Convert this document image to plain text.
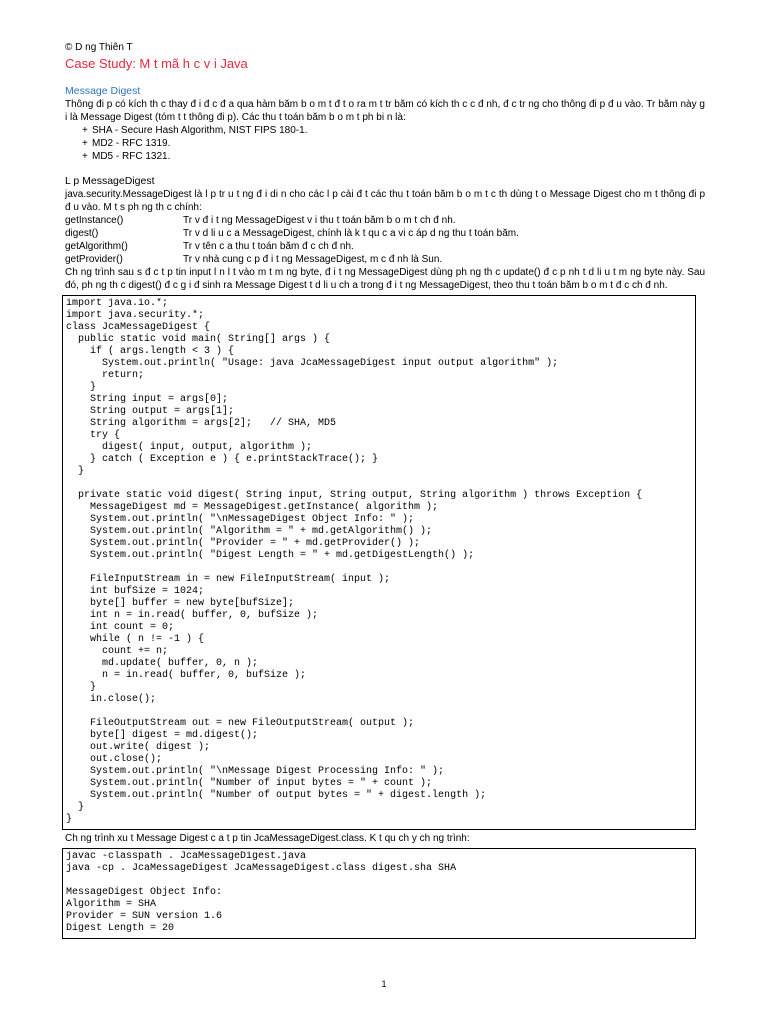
© D ng Thiên T

Case Study: M t mã h c v i Java
Message Digest

Thông đi p có kích th c thay đ i đ c đ a qua hàm băm b o m t đ t o ra m t tr băm có kích th c c đ nh, đ c tr ng cho thông đi p đ u vào. Tr băm này g i là Message Digest (tóm t t thông đi p). Các thu t toán băm b o m t ph bi n là:

+ SHA - Secure Hash Algorithm, NIST FIPS 180-1.
+ MD2 - RFC 1319.
+ MD5 - RFC 1321.
L p MessageDigest

java.security.MessageDigest là l p tr u t ng đ i di n cho các l p cài đ t các thu t toán băm b o m t c th dùng t o Message Digest cho m t thông đi p đ u vào. M t s ph ng th c chính:

getInstance()	Tr v đ i t ng MessageDigest v i thu t toán băm b o m t ch đ nh.
digest()	Tr v d li u c a MessageDigest, chính là k t qu c a vi c áp d ng thu t toán băm.
getAlgorithm()	Tr v tên c a thu t toán băm đ c ch đ nh.
getProvider()	Tr v nhà cung c p đ i t ng MessageDigest, m c đ nh là Sun.

Ch ng trình sau s đ c t p tin input l n l t vào m t m ng byte, đ i t ng MessageDigest dùng ph ng th c update() đ c p nh t d li u t m ng byte này. Sau đó, ph ng th c digest() đ c g i đ sinh ra Message Digest t d li u ch a trong đ i t ng MessageDigest, theo thu t toán băm b o m t đ c ch đ nh.

import java.io.*;
import java.security.*;
class JcaMessageDigest {
public static void main( String[] args ) {
if ( args.length < 3 ) {
System.out.println( "Usage: java JcaMessageDigest input output algorithm" );
return;
}
String input = args[0];
String output = args[1];
String algorithm = args[2];   // SHA, MD5
try {
digest( input, output, algorithm );
} catch ( Exception e ) { e.printStackTrace(); }
}

private static void digest( String input, String output, String algorithm ) throws Exception {
MessageDigest md = MessageDigest.getInstance( algorithm );
System.out.println( "\nMessageDigest Object Info: " );
System.out.println( "Algorithm = " + md.getAlgorithm() );
System.out.println( "Provider = " + md.getProvider() );
System.out.println( "Digest Length = " + md.getDigestLength() );

FileInputStream in = new FileInputStream( input );
int bufSize = 1024;
byte[] buffer = new byte[bufSize];
int n = in.read( buffer, 0, bufSize );
int count = 0;
while ( n != -1 ) {
count += n;
md.update( buffer, 0, n );
n = in.read( buffer, 0, bufSize );
}
in.close();

FileOutputStream out = new FileOutputStream( output );
byte[] digest = md.digest();
out.write( digest );
out.close();
System.out.println( "\nMessage Digest Processing Info: " );
System.out.println( "Number of input bytes = " + count );
System.out.println( "Number of output bytes = " + digest.length );
}
}

Ch ng trình xu t Message Digest c a t p tin JcaMessageDigest.class. K t qu ch y ch ng trình:

javac -classpath . JcaMessageDigest.java
java -cp . JcaMessageDigest JcaMessageDigest.class digest.sha SHA

MessageDigest Object Info:
Algorithm = SHA
Provider = SUN version 1.6
Digest Length = 20

1
